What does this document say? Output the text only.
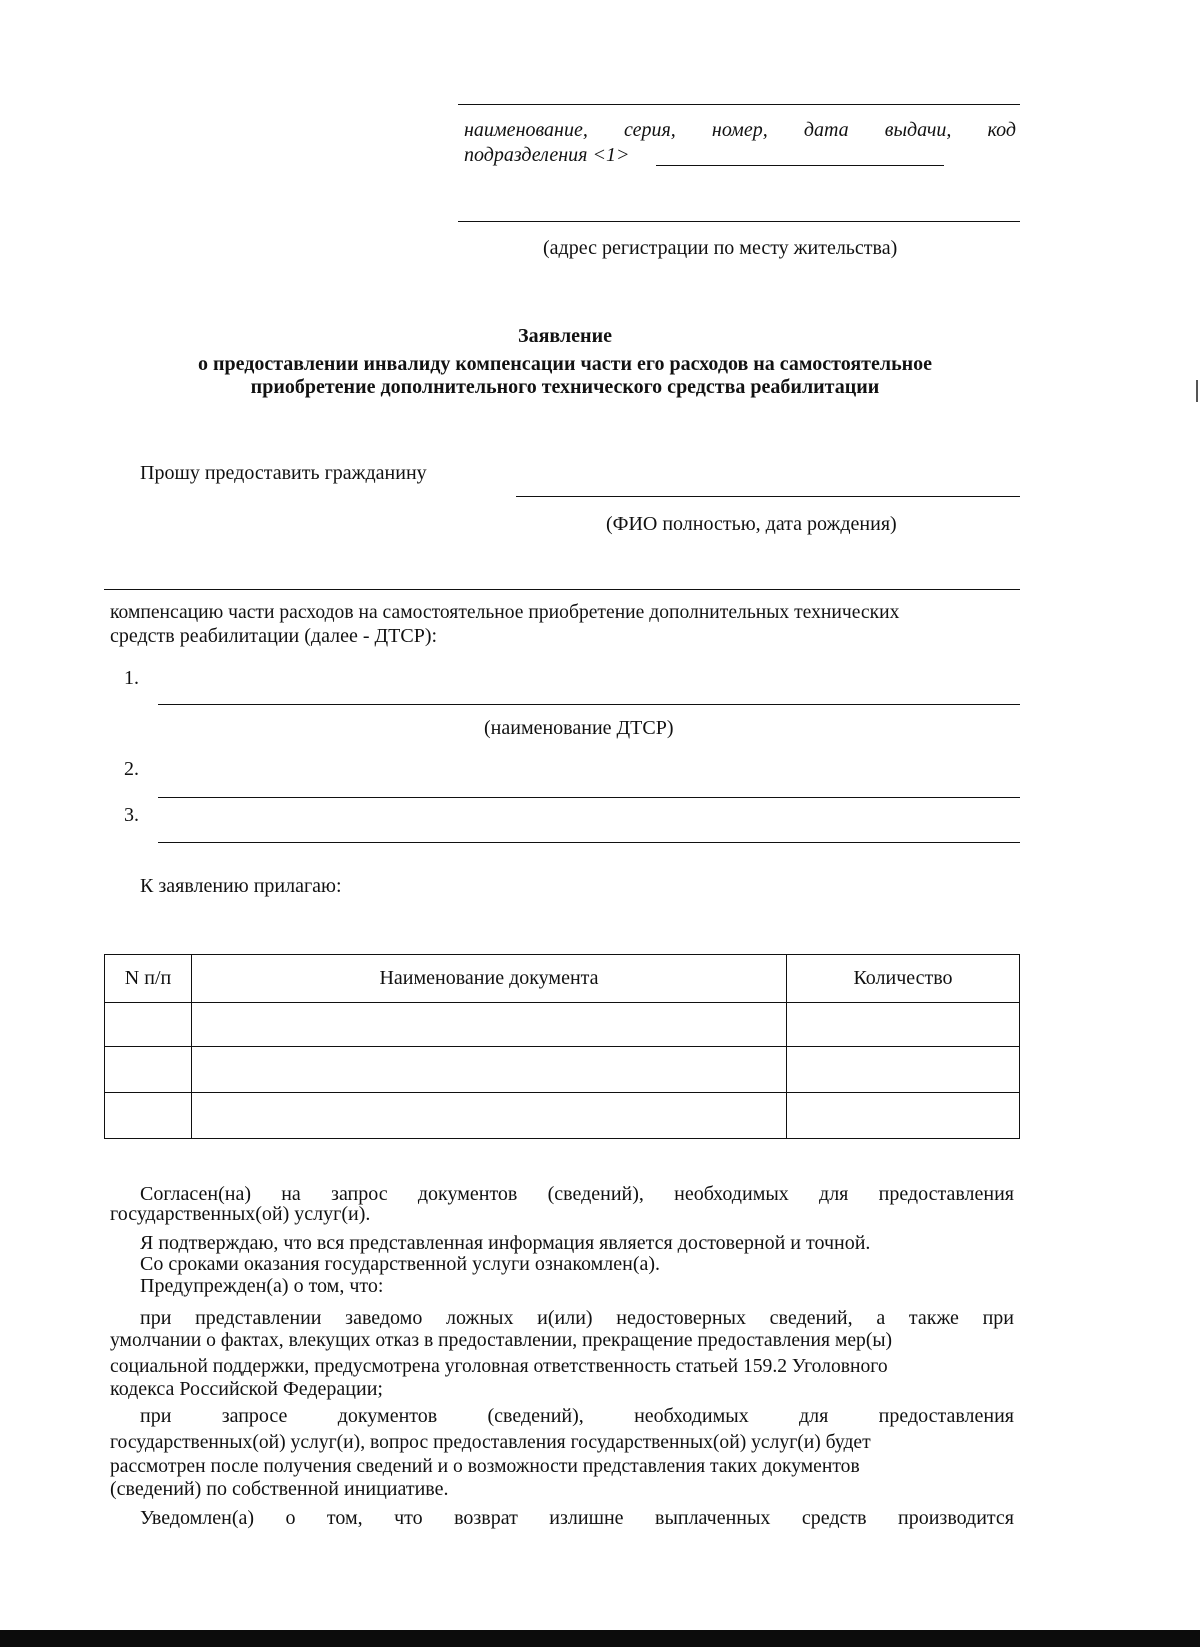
наименование, серия, номер, дата выдачи, код
подразделения <1>
(адрес регистрации по месту жительства)
Заявление
о предоставлении инвалиду компенсации части его расходов на самостоятельное
приобретение дополнительного технического средства реабилитации
Прошу предоставить гражданину
(ФИО полностью, дата рождения)
компенсацию части расходов на самостоятельное приобретение дополнительных технических
средств реабилитации (далее - ДТСР):
1.
(наименование ДТСР)
2.
3.
К заявлению прилагаю:
N п/п	Наименование документа	Количество

Согласен(на) на запрос документов (сведений), необходимых для предоставления
государственных(ой) услуг(и).
Я подтверждаю, что вся представленная информация является достоверной и точной.
Со сроками оказания государственной услуги ознакомлен(а).
Предупрежден(а) о том, что:
при представлении заведомо ложных и(или) недостоверных сведений, а также при
умолчании о фактах, влекущих отказ в предоставлении, прекращение предоставления мер(ы)
социальной поддержки, предусмотрена уголовная ответственность статьей 159.2 Уголовного
кодекса Российской Федерации;
при запросе документов (сведений), необходимых для предоставления
государственных(ой) услуг(и), вопрос предоставления государственных(ой) услуг(и) будет
рассмотрен после получения сведений и о возможности представления таких документов
(сведений) по собственной инициативе.
Уведомлен(а) о том, что возврат излишне выплаченных средств производится
